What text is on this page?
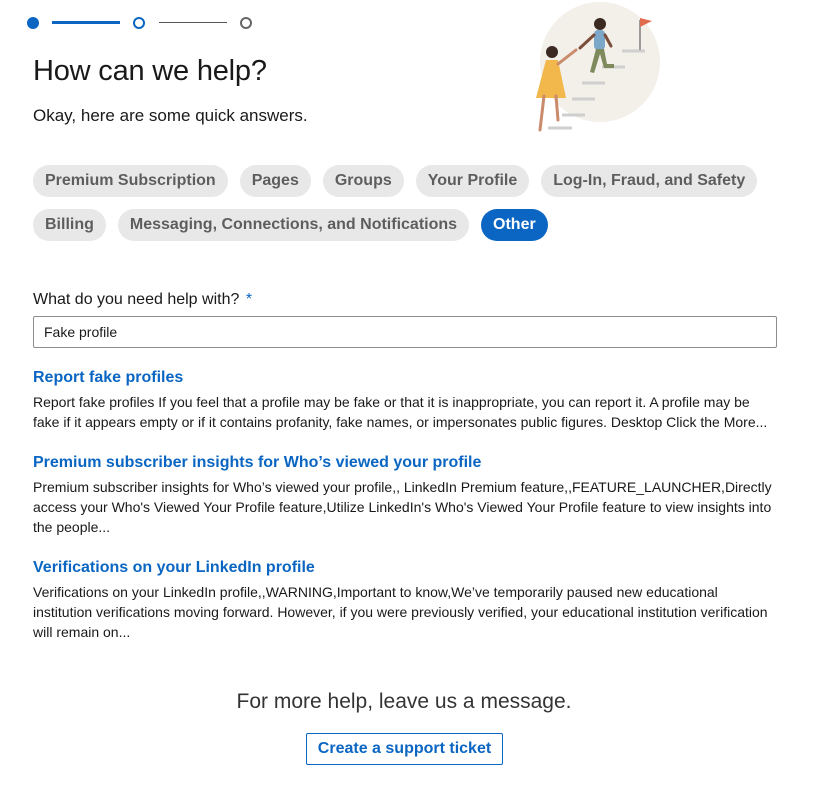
How can we help?

Okay, here are some quick answers.

Premium Subscription	Pages	Groups	Your Profile	Log-In, Fraud, and Safety
Billing	Messaging, Connections, and Notifications	Other
What do you need help with? *
Fake profile
Report fake profiles

Report fake profiles If you feel that a profile may be fake or that it is inappropriate, you can report it. A profile may be fake if it appears empty or if it contains profanity, fake names, or impersonates public figures. Desktop Click the More...

Premium subscriber insights for Who’s viewed your profile

Premium subscriber insights for Who’s viewed your profile,, LinkedIn Premium feature,,FEATURE_LAUNCHER,Directly access your Who's Viewed Your Profile feature,Utilize LinkedIn's Who's Viewed Your Profile feature to view insights into the people...

Verifications on your LinkedIn profile

Verifications on your LinkedIn profile,,WARNING,Important to know,We’ve temporarily paused new educational institution verifications moving forward. However, if you were previously verified, your educational institution verification will remain on...

For more help, leave us a message.
Create a support ticket
